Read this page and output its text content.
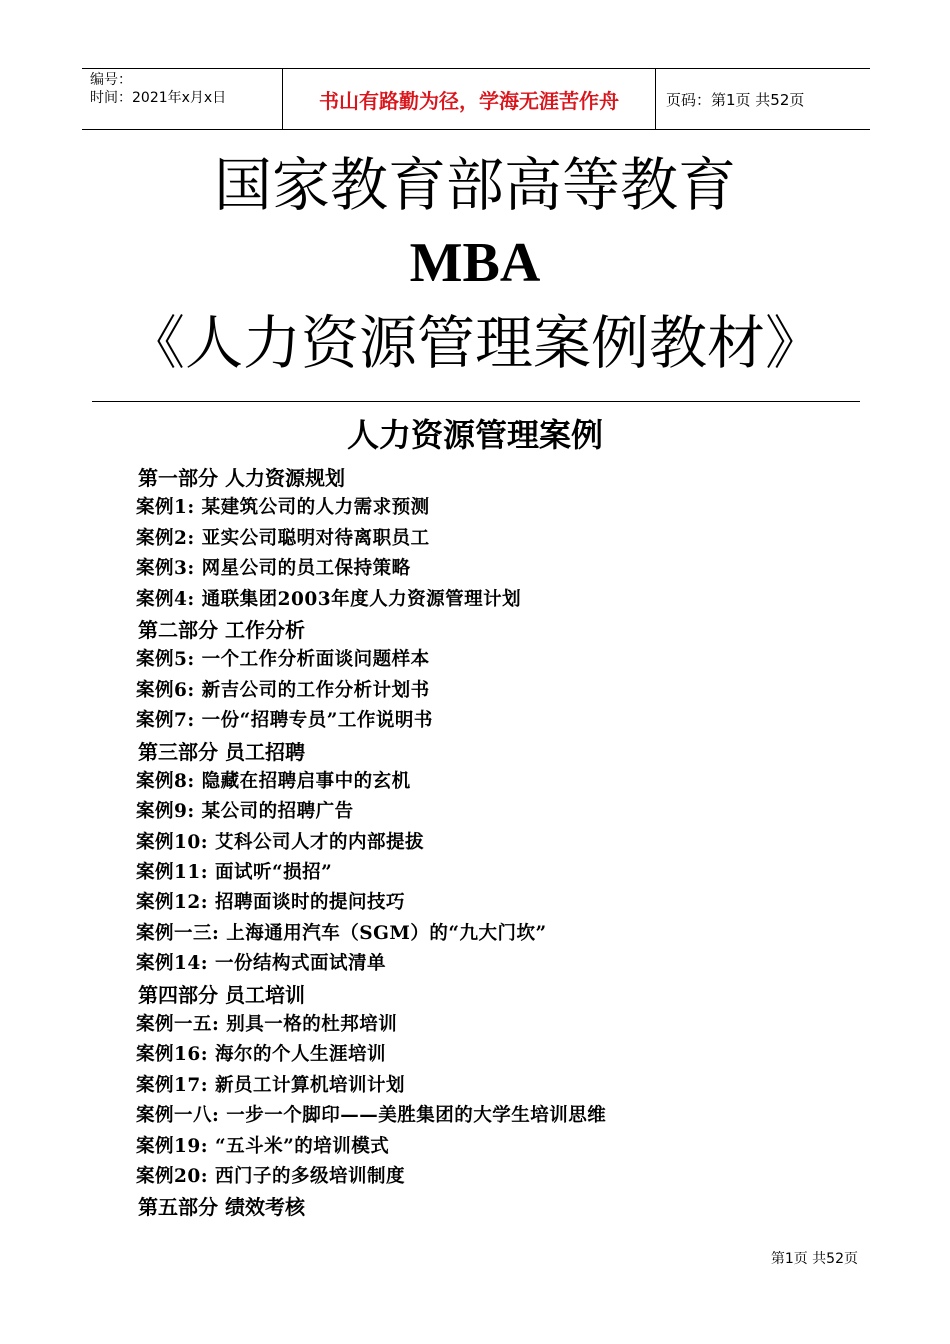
编号：
时间：2021年x月x日	书山有路勤为径，学海无涯苦作舟	页码：第1页 共52页
国家教育部高等教育
MBA
《人力资源管理案例教材》
人力资源管理案例
第一部分 人力资源规划
案例1: 某建筑公司的人力需求预测
案例2: 亚实公司聪明对待离职员工
案例3: 网星公司的员工保持策略
案例4: 通联集团2003年度人力资源管理计划
第二部分 工作分析
案例5: 一个工作分析面谈问题样本
案例6: 新吉公司的工作分析计划书
案例7: 一份“招聘专员”工作说明书
第三部分 员工招聘
案例8: 隐藏在招聘启事中的玄机
案例9: 某公司的招聘广告
案例10: 艾科公司人才的内部提拔
案例11: 面试听“损招”
案例12: 招聘面谈时的提问技巧
案例一三: 上海通用汽车（SGM）的“九大门坎”
案例14: 一份结构式面试清单
第四部分 员工培训
案例一五: 别具一格的杜邦培训
案例16: 海尔的个人生涯培训
案例17: 新员工计算机培训计划
案例一八: 一步一个脚印——美胜集团的大学生培训思维
案例19: “五斗米”的培训模式
案例20: 西门子的多级培训制度
第五部分 绩效考核
第1页 共52页
